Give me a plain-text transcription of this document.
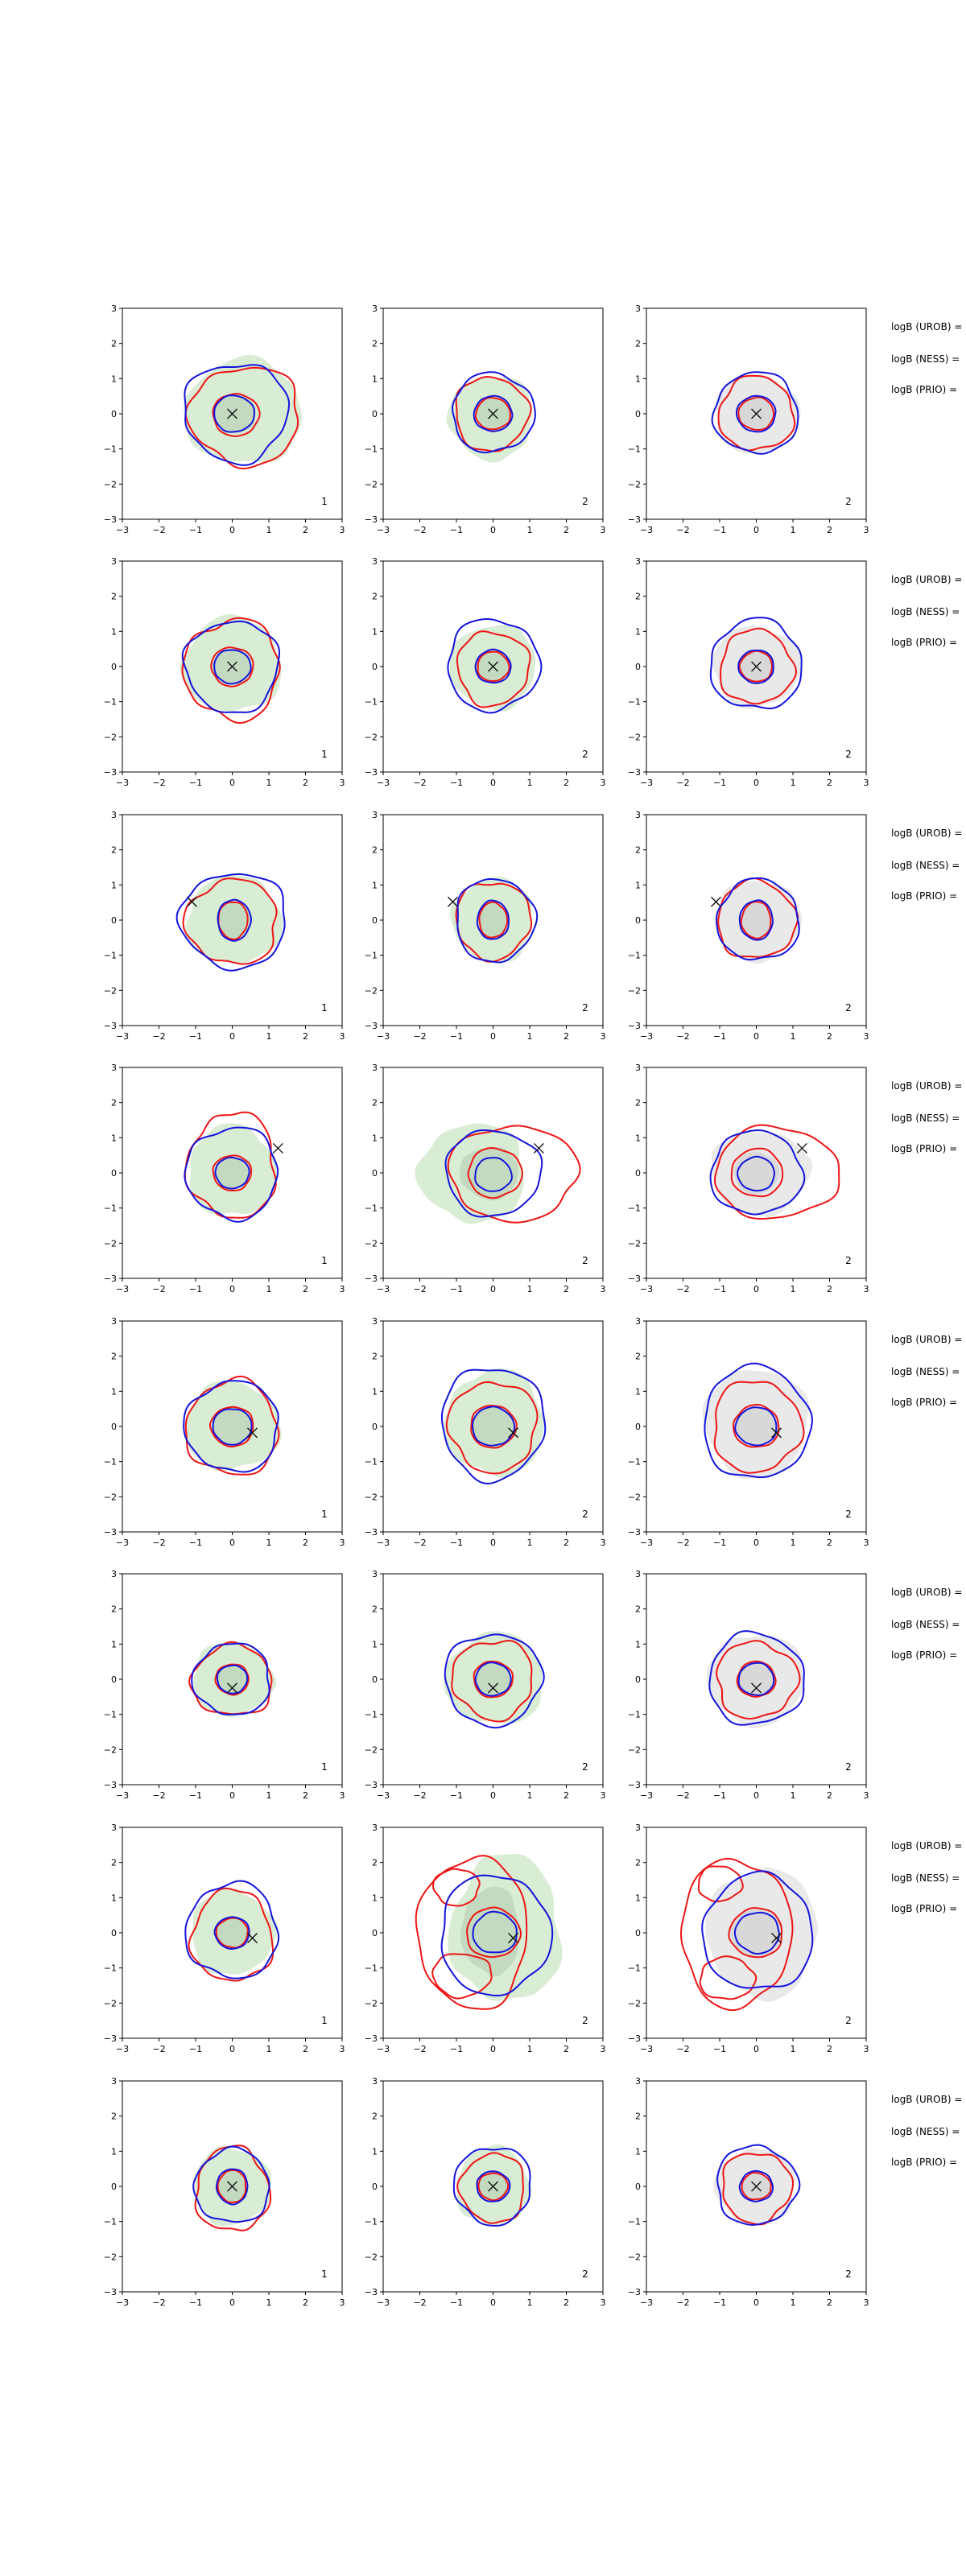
1
−3	−2	−1	0	1	2	3
−3
−2
−1
0
1
2
3
2
−3	−2	−1	0	1	2	3
−3
−2
−1
0
1
2
3
2
−3	−2	−1	0	1	2	3
−3
−2
−1
0
1
2
3
logB (UROB) =
logB (NESS) =
logB (PRIO) =
1
−3	−2	−1	0	1	2	3
−3
−2
−1
0
1
2
3
2
−3	−2	−1	0	1	2	3
−3
−2
−1
0
1
2
3
2
−3	−2	−1	0	1	2	3
−3
−2
−1
0
1
2
3
logB (UROB) =
logB (NESS) =
logB (PRIO) =
1
−3	−2	−1	0	1	2	3
−3
−2
−1
0
1
2
3
2
−3	−2	−1	0	1	2	3
−3
−2
−1
0
1
2
3
2
−3	−2	−1	0	1	2	3
−3
−2
−1
0
1
2
3
logB (UROB) =
logB (NESS) =
logB (PRIO) =
1
−3	−2	−1	0	1	2	3
−3
−2
−1
0
1
2
3
2
−3	−2	−1	0	1	2	3
−3
−2
−1
0
1
2
3
2
−3	−2	−1	0	1	2	3
−3
−2
−1
0
1
2
3
logB (UROB) =
logB (NESS) =
logB (PRIO) =
1
−3	−2	−1	0	1	2	3
−3
−2
−1
0
1
2
3
2
−3	−2	−1	0	1	2	3
−3
−2
−1
0
1
2
3
2
−3	−2	−1	0	1	2	3
−3
−2
−1
0
1
2
3
logB (UROB) =
logB (NESS) =
logB (PRIO) =
1
−3	−2	−1	0	1	2	3
−3
−2
−1
0
1
2
3
2
−3	−2	−1	0	1	2	3
−3
−2
−1
0
1
2
3
2
−3	−2	−1	0	1	2	3
−3
−2
−1
0
1
2
3
logB (UROB) =
logB (NESS) =
logB (PRIO) =
1
−3	−2	−1	0	1	2	3
−3
−2
−1
0
1
2
3
2
−3	−2	−1	0	1	2	3
−3
−2
−1
0
1
2
3
2
−3	−2	−1	0	1	2	3
−3
−2
−1
0
1
2
3
logB (UROB) =
logB (NESS) =
logB (PRIO) =
1
−3	−2	−1	0	1	2	3
−3
−2
−1
0
1
2
3
2
−3	−2	−1	0	1	2	3
−3
−2
−1
0
1
2
3
2
−3	−2	−1	0	1	2	3
−3
−2
−1
0
1
2
3
logB (UROB) =
logB (NESS) =
logB (PRIO) =
